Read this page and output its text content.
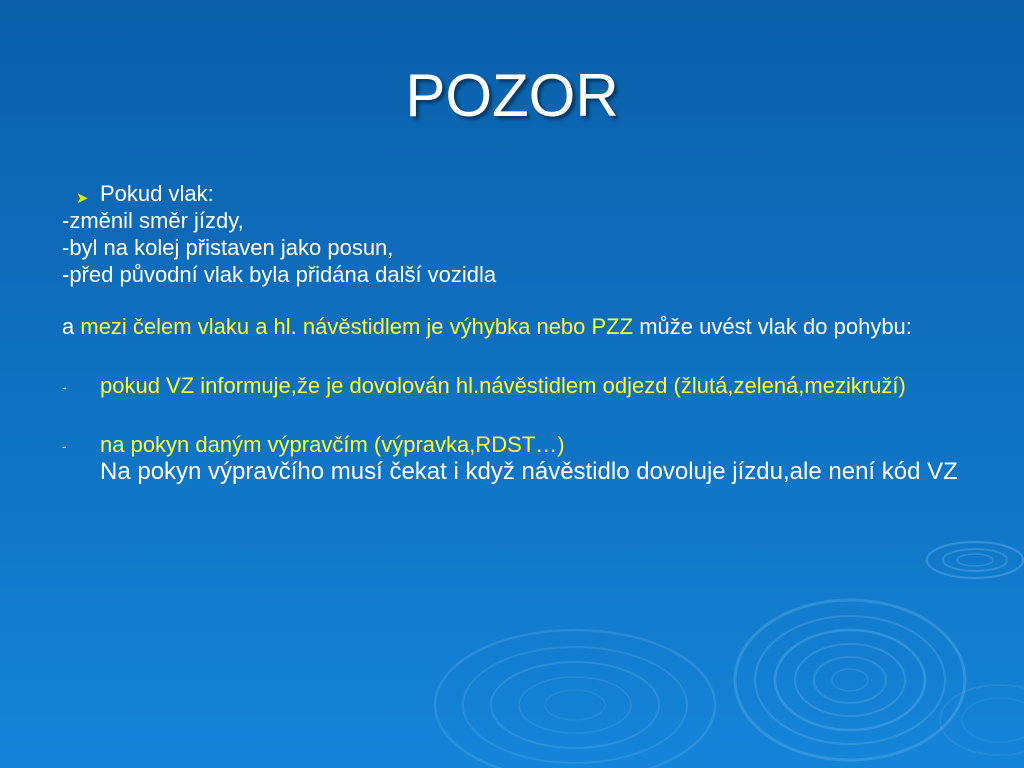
POZOR
➤ Pokud vlak:
-změnil směr jízdy,
-byl na kolej přistaven jako posun,
-před původní vlak byla přidána další vozidla
a mezi čelem vlaku a hl. návěstidlem je výhybka nebo PZZ může uvést vlak do pohybu:
- pokud VZ informuje,že je dovolován hl.návěstidlem odjezd (žlutá,zelená,mezikruží)
- na pokyn daným výpravčím (výpravka,RDST…)
Na pokyn výpravčího musí čekat i když návěstidlo dovoluje jízdu,ale není kód VZ
